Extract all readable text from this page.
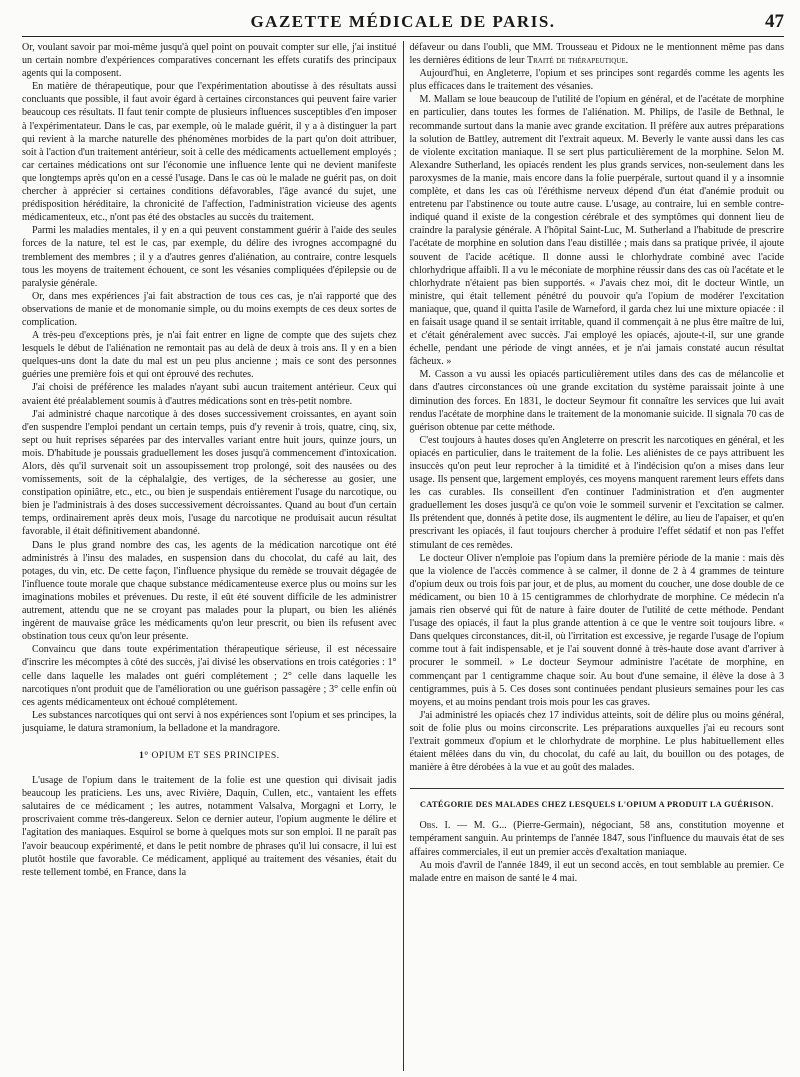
GAZETTE MÉDICALE DE PARIS.	47

Or, voulant savoir par moi-même jusqu'à quel point on pouvait compter sur elle, j'ai institué un certain nombre d'expériences comparatives concernant les effets curatifs des principaux agents qui la composent.

En matière de thérapeutique, pour que l'expérimentation aboutisse à des résultats aussi concluants que possible, il faut avoir égard à certaines circonstances qui peuvent faire varier beaucoup ces résultats. Il faut tenir compte de plusieurs influences susceptibles d'en imposer à l'expérimentateur. Dans le cas, par exemple, où le malade guérit, il y a à distinguer la part qui revient à la marche naturelle des phénomènes morbides de la part qu'on doit attribuer, soit à l'action d'un traitement antérieur, soit à celle des médicaments actuellement employés ; car certaines médications ont sur l'économie une influence lente qui ne devient manifeste que longtemps après qu'on en a cessé l'usage. Dans le cas où le malade ne guérit pas, on doit chercher à apprécier si certaines conditions défavorables, l'âge avancé du sujet, une prédisposition héréditaire, la chronicité de l'affection, l'administration vicieuse des agents médicamenteux, etc., n'ont pas été des obstacles au succès du traitement.

Parmi les maladies mentales, il y en a qui peuvent constamment guérir à l'aide des seules forces de la nature, tel est le cas, par exemple, du délire des ivrognes accompagné du tremblement des membres ; il y a d'autres genres d'aliénation, au contraire, contre lesquels tous les moyens de traitement échouent, ce sont les vésanies compliquées d'épilepsie ou de paralysie générale.

Or, dans mes expériences j'ai fait abstraction de tous ces cas, je n'ai rapporté que des observations de manie et de monomanie simple, ou du moins exempts de ces deux sortes de complication.

A très-peu d'exceptions près, je n'ai fait entrer en ligne de compte que des sujets chez lesquels le début de l'aliénation ne remontait pas au delà de deux à trois ans. Il y en a bien quelques-uns dont la date du mal est un peu plus ancienne ; mais ce sont des personnes guéries une première fois et qui ont éprouvé des rechutes.

J'ai choisi de préférence les malades n'ayant subi aucun traitement antérieur. Ceux qui avaient été préalablement soumis à d'autres médications sont en très-petit nombre.

J'ai administré chaque narcotique à des doses successivement croissantes, en ayant soin d'en suspendre l'emploi pendant un certain temps, puis d'y revenir à trois, quatre, cinq, six, sept ou huit reprises séparées par des intervalles variant entre huit jours, quinze jours, un mois. D'habitude je poussais graduellement les doses jusqu'à commencement d'intoxication. Alors, dès qu'il survenait soit un assoupissement trop prolongé, soit des nausées ou des vomissements, soit de la céphalalgie, des vertiges, de la sécheresse au gosier, une constipation opiniâtre, etc., etc., ou bien je suspendais entièrement l'usage du narcotique, ou bien je l'administrais à des doses successivement décroissantes. Quand au bout d'un certain temps, ordinairement après deux mois, l'usage du narcotique ne produisait aucun résultat favorable, il était définitivement abandonné.

Dans le plus grand nombre des cas, les agents de la médication narcotique ont été administrés à l'insu des malades, en suspension dans du chocolat, du café au lait, des potages, du vin, etc. De cette façon, l'influence physique du remède se trouvait dégagée de l'influence toute morale que chaque substance médicamenteuse exerce plus ou moins sur les imaginations mobiles et prévenues. Du reste, il eût été souvent difficile de les administrer autrement, attendu que ne se croyant pas malades pour la plupart, ou bien les aliénés ingèrent de mauvaise grâce les médicaments qu'on leur prescrit, ou bien ils refusent avec obstination tous ceux qu'on leur présente.

Convaincu que dans toute expérimentation thérapeutique sérieuse, il est nécessaire d'inscrire les mécomptes à côté des succès, j'ai divisé les observations en trois catégories : 1° celle dans laquelle les malades ont guéri complétement ; 2° celle dans laquelle les narcotiques n'ont produit que de l'amélioration ou une guérison passagère ; 3° celle enfin où ces agents médicamenteux ont échoué complétement.

Les substances narcotiques qui ont servi à nos expériences sont l'opium et ses principes, la jusquiame, le datura stramonium, la belladone et la mandragore.

1° OPIUM ET SES PRINCIPES.

L'usage de l'opium dans le traitement de la folie est une question qui divisait jadis beaucoup les praticiens. Les uns, avec Rivière, Daquin, Cullen, etc., vantaient les effets salutaires de ce médicament ; les autres, notamment Valsalva, Morgagni et Lorry, le proscrivaient comme très-dangereux. Selon ce dernier auteur, l'opium augmente le délire et l'agitation des maniaques. Esquirol se borne à quelques mots sur son emploi. Il ne paraît pas l'avoir beaucoup expérimenté, et dans le petit nombre de phrases qu'il lui consacre, il lui est plutôt hostile que favorable. Ce médicament, appliqué au traitement des vésanies, était du reste tellement tombé, en France, dans la

défaveur ou dans l'oubli, que MM. Trousseau et Pidoux ne le mentionnent même pas dans les dernières éditions de leur Traité de thérapeutique.

Aujourd'hui, en Angleterre, l'opium et ses principes sont regardés comme les agents les plus efficaces dans le traitement des vésanies.

M. Mallam se loue beaucoup de l'utilité de l'opium en général, et de l'acétate de morphine en particulier, dans toutes les formes de l'aliénation. M. Philips, de l'asile de Bethnal, le recommande surtout dans la manie avec grande excitation. Il préfère aux autres préparations la solution de Battley, autrement dit l'extrait aqueux. M. Beverly le vante aussi dans les cas de violente excitation maniaque. Il se sert plus particulièrement de la morphine. Selon M. Alexandre Sutherland, les opiacés rendent les plus grands services, non-seulement dans les paroxysmes de la manie, mais encore dans la folie puerpérale, surtout quand il y a insomnie complète, et dans les cas où l'éréthisme nerveux dépend d'un état d'anémie produit ou entretenu par l'abstinence ou toute autre cause. L'usage, au contraire, lui en semble contre-indiqué quand il existe de la congestion cérébrale et des symptômes qui donnent lieu de craindre la paralysie générale. A l'hôpital Saint-Luc, M. Sutherland a l'habitude de prescrire l'acétate de morphine en solution dans l'eau distillée ; mais dans sa pratique privée, il ajoute souvent de l'acide acétique. Il donne aussi le chlorhydrate combiné avec l'acide chlorhydrique affaibli. Il a vu le méconiate de morphine réussir dans des cas où l'acétate et le chlorhydrate n'étaient pas bien supportés. « J'avais chez moi, dit le docteur Wintle, un ministre, qui était tellement pénétré du pouvoir qu'a l'opium de modérer l'excitation maniaque, que, quand il quitta l'asile de Warneford, il garda chez lui une mixture opiacée : il en faisait usage quand il se sentait irritable, quand il commençait à ne plus être maître de lui, et c'était généralement avec succès. J'ai employé les opiacés, ajoute-t-il, sur une grande échelle, pendant une période de vingt années, et je n'ai jamais constaté aucun résultat fâcheux. »

M. Casson a vu aussi les opiacés particulièrement utiles dans des cas de mélancolie et dans d'autres circonstances où une grande excitation du système paraissait jointe à une diminution des forces. En 1831, le docteur Seymour fit connaître les services que lui avait rendus l'acétate de morphine dans le traitement de la monomanie suicide. Il signala 70 cas de guérison obtenue par cette méthode.

C'est toujours à hautes doses qu'en Angleterre on prescrit les narcotiques en général, et les opiacés en particulier, dans le traitement de la folie. Les aliénistes de ce pays attribuent les insuccès qu'on peut leur reprocher à la timidité et à l'indécision qu'on a mises dans leur usage. Ils pensent que, largement employés, ces moyens manquent rarement leurs effets dans les cas curables. Ils conseillent d'en continuer l'administration et d'en augmenter graduellement les doses jusqu'à ce qu'on voie le sommeil survenir et l'excitation se calmer. Ils prétendent que, donnés à petite dose, ils augmentent le délire, au lieu de l'apaiser, et qu'en prescrivant les opiacés, il faut toujours chercher à produire l'effet sédatif et non pas l'effet stimulant de ces remèdes.

Le docteur Oliver n'emploie pas l'opium dans la première période de la manie : mais dès que la violence de l'accès commence à se calmer, il donne de 2 à 4 grammes de teinture d'opium deux ou trois fois par jour, et de plus, au moment du coucher, une dose double de ce médicament, ou bien 10 à 15 centigrammes de chlorhydrate de morphine. Ce médecin n'a jamais rien observé qui fût de nature à faire douter de l'utilité de cette méthode. Pendant l'usage des opiacés, il faut la plus grande attention à ce que le ventre soit toujours libre. « Dans quelques circonstances, dit-il, où l'irritation est excessive, je regarde l'usage de l'opium comme tout à fait indispensable, et je l'ai souvent donné à très-haute dose avant d'arriver à procurer le sommeil. » Le docteur Seymour administre l'acétate de morphine, en commençant par 1 centigramme chaque soir. Au bout d'une semaine, il élève la dose à 3 centigrammes, puis à 5. Ces doses sont continuées pendant plusieurs semaines pour les cas moyens, et au moins pendant trois mois pour les cas graves.

J'ai administré les opiacés chez 17 individus atteints, soit de délire plus ou moins général, soit de folie plus ou moins circonscrite. Les préparations auxquelles j'ai eu recours sont l'extrait gommeux d'opium et le chlorhydrate de morphine. Le plus habituellement elles étaient mêlées dans du vin, du chocolat, du café au lait, du bouillon ou des potages, de manière à être dérobées à la vue et au goût des malades.

CATÉGORIE DES MALADES CHEZ LESQUELS L'OPIUM A PRODUIT LA GUÉRISON.

Obs. I. — M. G... (Pierre-Germain), négociant, 58 ans, constitution moyenne et tempérament sanguin. Au printemps de l'année 1847, sous l'influence du mauvais état de ses affaires commerciales, il eut un premier accès d'exaltation maniaque.

Au mois d'avril de l'année 1849, il eut un second accès, en tout semblable au premier. Ce malade entre en maison de santé le 4 mai.
